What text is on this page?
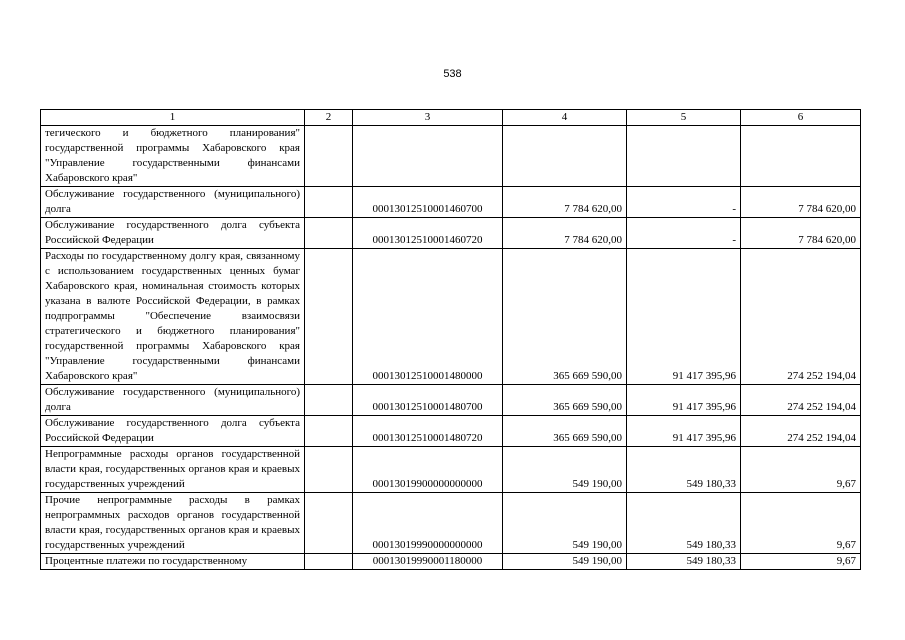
538
1	2	3	4	5	6
тегического и бюджетного планирования" государственной программы Хабаровского края "Управление государственными финансами Хабаровского края"					
Обслуживание государственного (муниципального) долга		00013012510001460700	7 784 620,00	-	7 784 620,00
Обслуживание государственного долга субъекта Российской Федерации		00013012510001460720	7 784 620,00	-	7 784 620,00
Расходы по государственному долгу края, связанному с использованием государственных ценных бумаг Хабаровского края, номинальная стоимость которых указана в валюте Российской Федерации, в рамках подпрограммы "Обеспечение взаимосвязи стратегического и бюджетного планирования" государственной программы Хабаровского края "Управление государственными финансами Хабаровского края"		00013012510001480000	365 669 590,00	91 417 395,96	274 252 194,04
Обслуживание государственного (муниципального) долга		00013012510001480700	365 669 590,00	91 417 395,96	274 252 194,04
Обслуживание государственного долга субъекта Российской Федерации		00013012510001480720	365 669 590,00	91 417 395,96	274 252 194,04
Непрограммные расходы органов государственной власти края, государственных органов края и краевых государственных учреждений		00013019900000000000	549 190,00	549 180,33	9,67
Прочие непрограммные расходы в рамках непрограммных расходов органов государственной власти края, государственных органов края и краевых государственных учреждений		00013019990000000000	549 190,00	549 180,33	9,67
Процентные платежи по государственному		00013019990001180000	549 190,00	549 180,33	9,67
